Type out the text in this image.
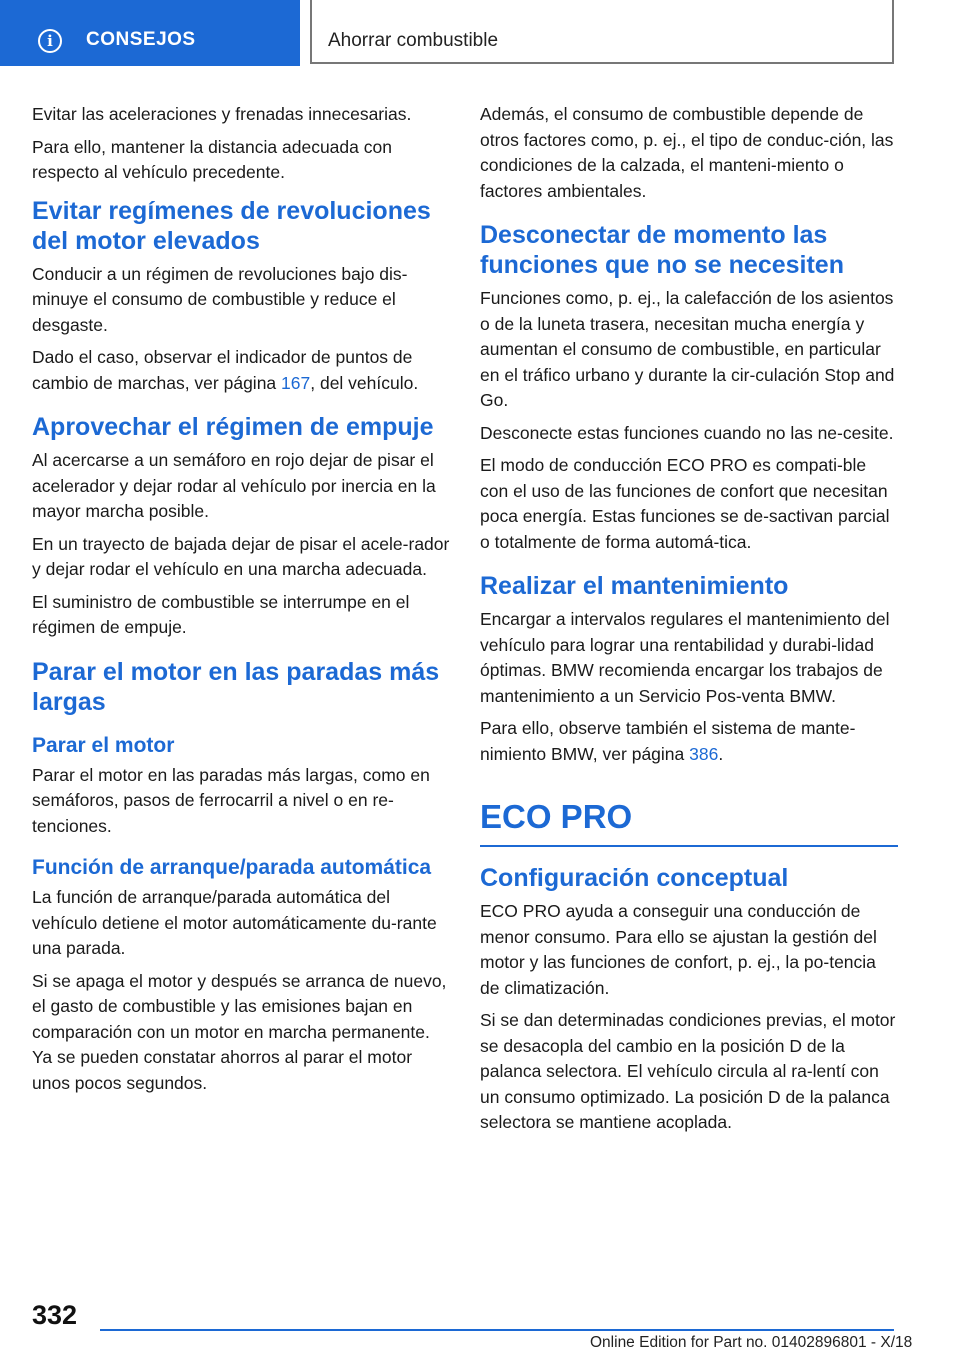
i	CONSEJOS	Ahorrar combustible

Evitar las aceleraciones y frenadas innecesarias.

Para ello, mantener la distancia adecuada con respecto al vehículo precedente.

Evitar regímenes de revoluciones del motor elevados

Conducir a un régimen de revoluciones bajo dis-minuye el consumo de combustible y reduce el desgaste.

Dado el caso, observar el indicador de puntos de cambio de marchas, ver página 167, del vehículo.

Aprovechar el régimen de empuje

Al acercarse a un semáforo en rojo dejar de pisar el acelerador y dejar rodar al vehículo por inercia en la mayor marcha posible.

En un trayecto de bajada dejar de pisar el acele-rador y dejar rodar el vehículo en una marcha adecuada.

El suministro de combustible se interrumpe en el régimen de empuje.

Parar el motor en las paradas más largas
Parar el motor

Parar el motor en las paradas más largas, como en semáforos, pasos de ferrocarril a nivel o en re-tenciones.

Función de arranque/parada automática

La función de arranque/parada automática del vehículo detiene el motor automáticamente du-rante una parada.

Si se apaga el motor y después se arranca de nuevo, el gasto de combustible y las emisiones bajan en comparación con un motor en marcha permanente. Ya se pueden constatar ahorros al parar el motor unos pocos segundos.

Además, el consumo de combustible depende de otros factores como, p. ej., el tipo de conduc-ción, las condiciones de la calzada, el manteni-miento o factores ambientales.

Desconectar de momento las funciones que no se necesiten

Funciones como, p. ej., la calefacción de los asientos o de la luneta trasera, necesitan mucha energía y aumentan el consumo de combustible, en particular en el tráfico urbano y durante la cir-culación Stop and Go.

Desconecte estas funciones cuando no las ne-cesite.

El modo de conducción ECO PRO es compati-ble con el uso de las funciones de confort que necesitan poca energía. Estas funciones se de-sactivan parcial o totalmente de forma automá-tica.

Realizar el mantenimiento

Encargar a intervalos regulares el mantenimiento del vehículo para lograr una rentabilidad y durabi-lidad óptimas. BMW recomienda encargar los trabajos de mantenimiento a un Servicio Pos-venta BMW.

Para ello, observe también el sistema de mante-nimiento BMW, ver página 386.

ECO PRO
Configuración conceptual

ECO PRO ayuda a conseguir una conducción de menor consumo. Para ello se ajustan la gestión del motor y las funciones de confort, p. ej., la po-tencia de climatización.

Si se dan determinadas condiciones previas, el motor se desacopla del cambio en la posición D de la palanca selectora. El vehículo circula al ra-lentí con un consumo optimizado. La posición D de la palanca selectora se mantiene acoplada.

332
Online Edition for Part no. 01402896801 - X/18
